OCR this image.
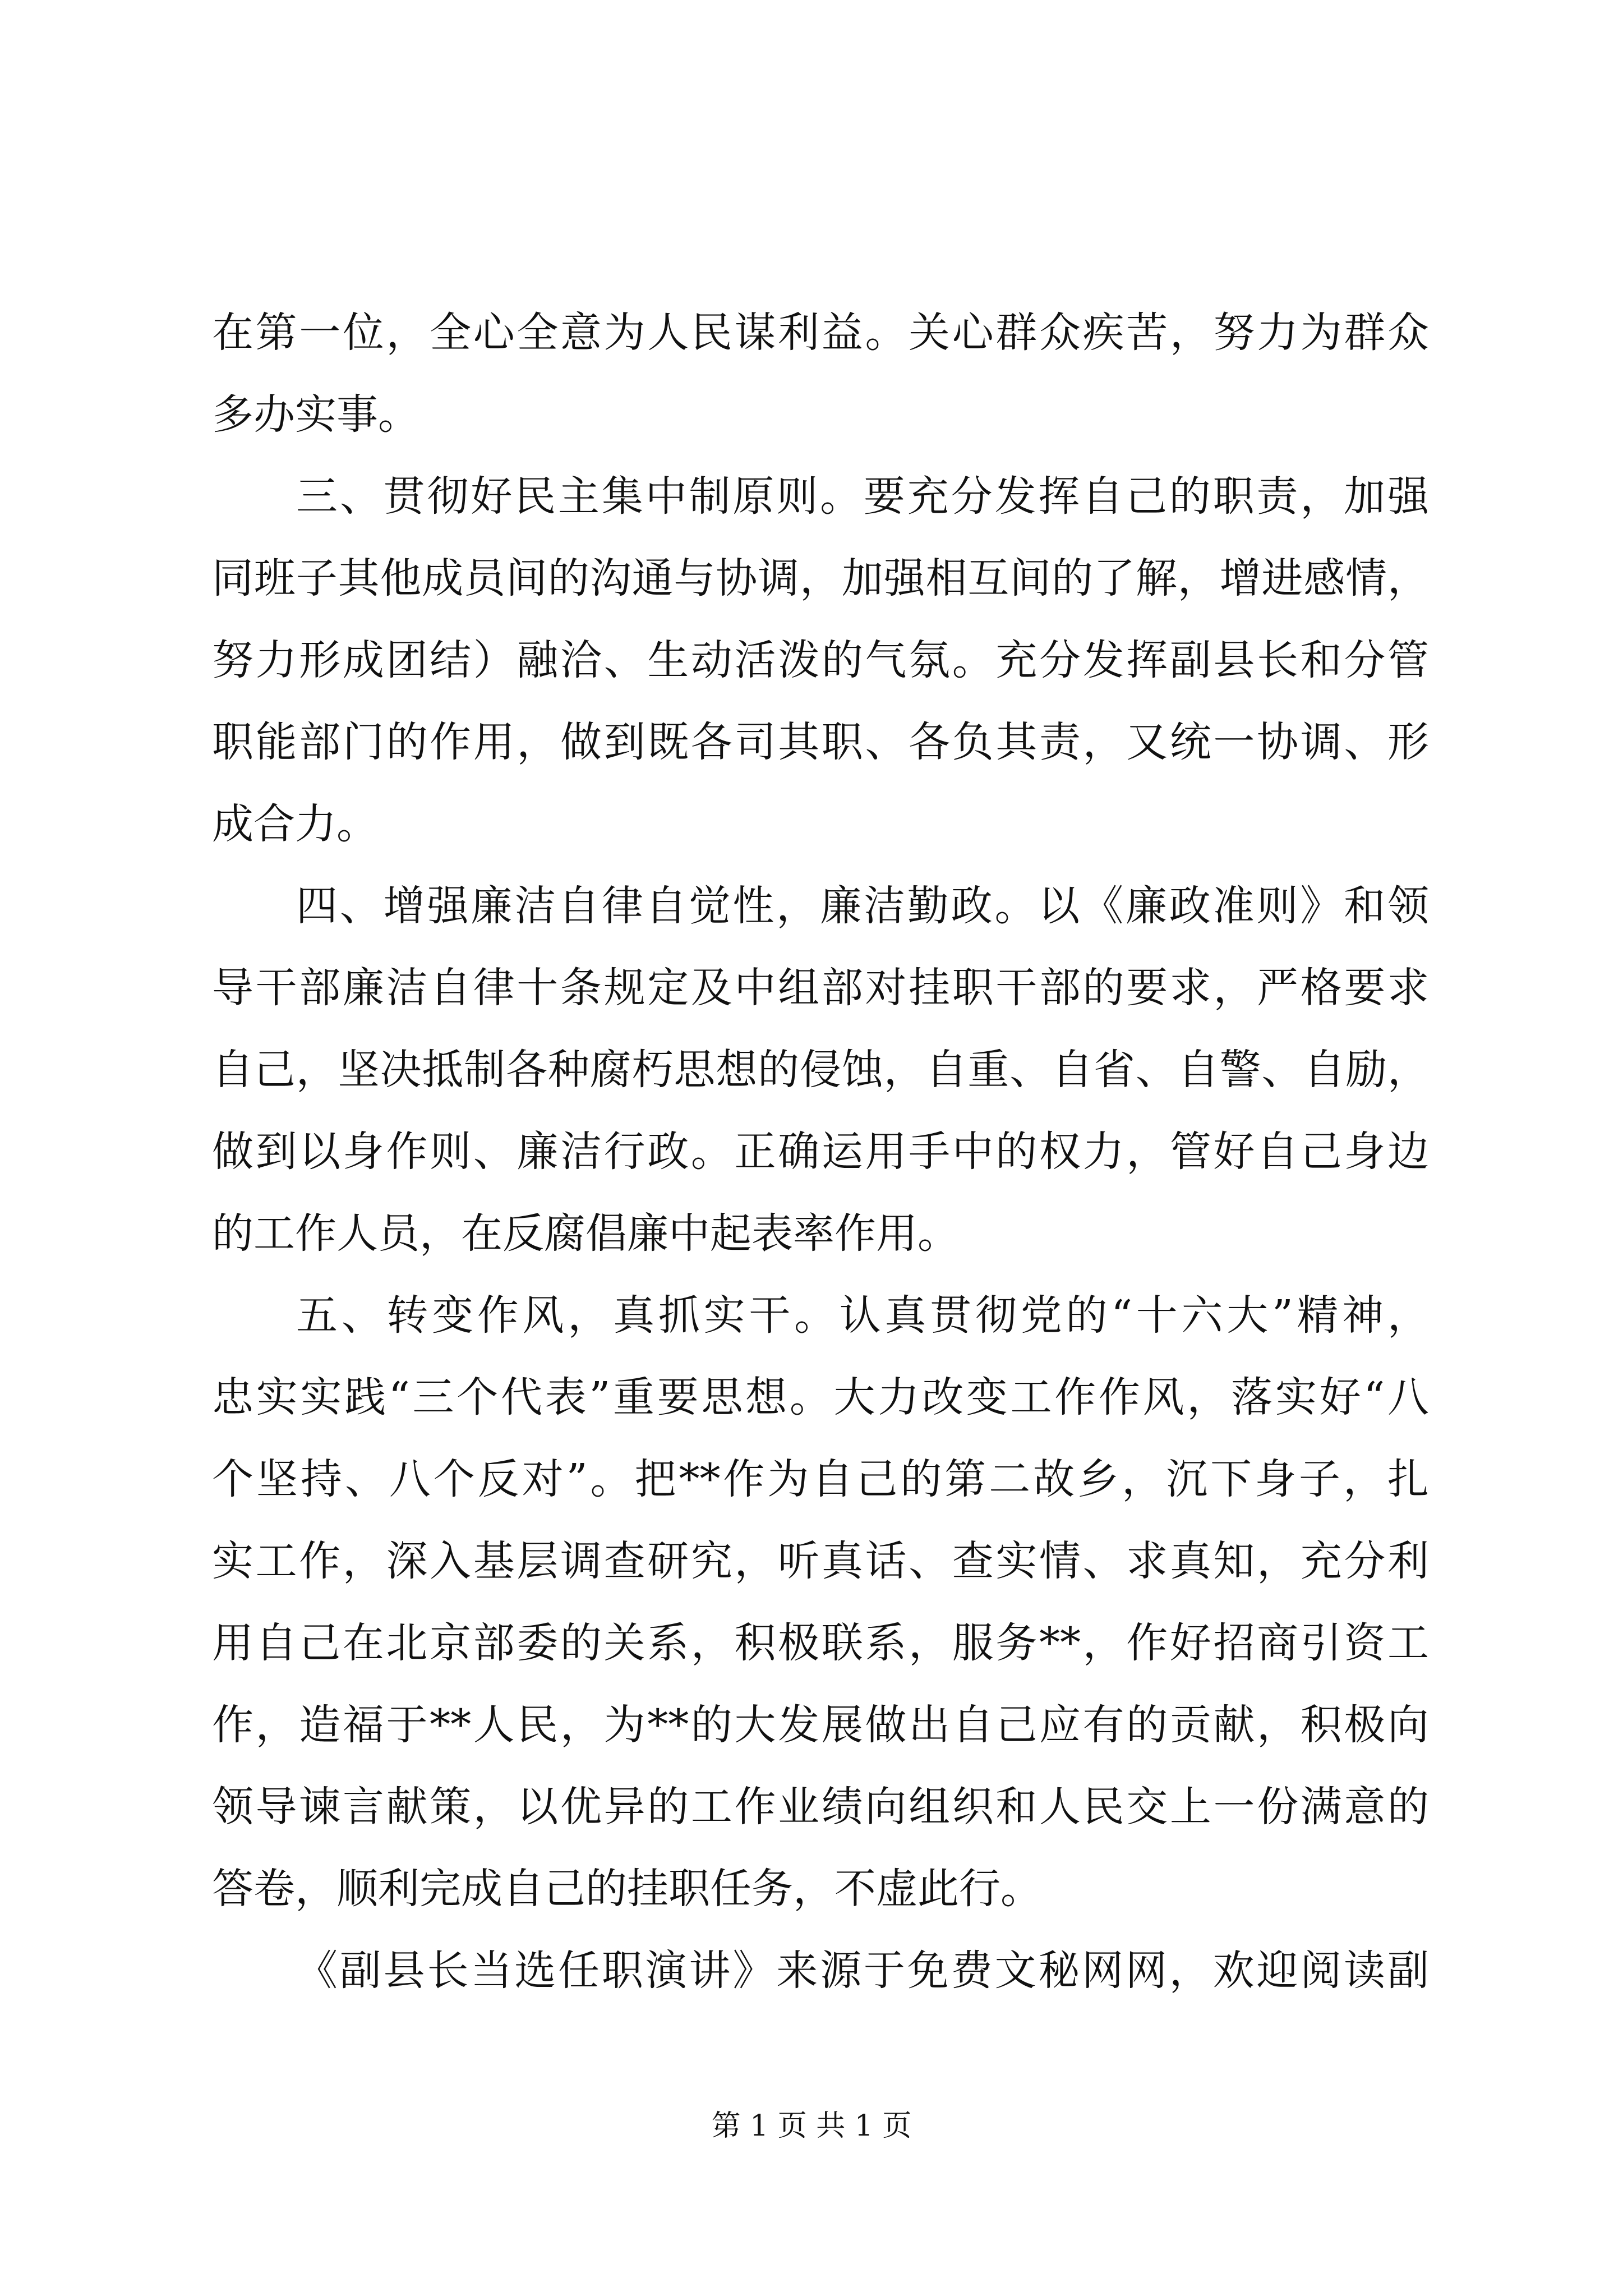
在第一位，全心全意为人民谋利益。关心群众疾苦，努力为群众
多办实事。
三、贯彻好民主集中制原则。要充分发挥自己的职责，加强
同班子其他成员间的沟通与协调，加强相互间的了解，增进感情，
努力形成团结）融洽、生动活泼的气氛。充分发挥副县长和分管
职能部门的作用，做到既各司其职、各负其责，又统一协调、形
成合力。
四、增强廉洁自律自觉性，廉洁勤政。以《廉政准则》和领
导干部廉洁自律十条规定及中组部对挂职干部的要求，严格要求
自己，坚决抵制各种腐朽思想的侵蚀，自重、自省、自警、自励，
做到以身作则、廉洁行政。正确运用手中的权力，管好自己身边
的工作人员，在反腐倡廉中起表率作用。
五、转变作风，真抓实干。认真贯彻党的“十六大”精神，
忠实实践“三个代表”重要思想。大力改变工作作风，落实好“八
个坚持、八个反对”。把**作为自己的第二故乡，沉下身子，扎
实工作，深入基层调查研究，听真话、查实情、求真知，充分利
用自己在北京部委的关系，积极联系，服务**，作好招商引资工
作，造福于**人民，为**的大发展做出自己应有的贡献，积极向
领导谏言献策，以优异的工作业绩向组织和人民交上一份满意的
答卷，顺利完成自己的挂职任务，不虚此行。
《副县长当选任职演讲》来源于免费文秘网网，欢迎阅读副
第 1 页 共 1 页
